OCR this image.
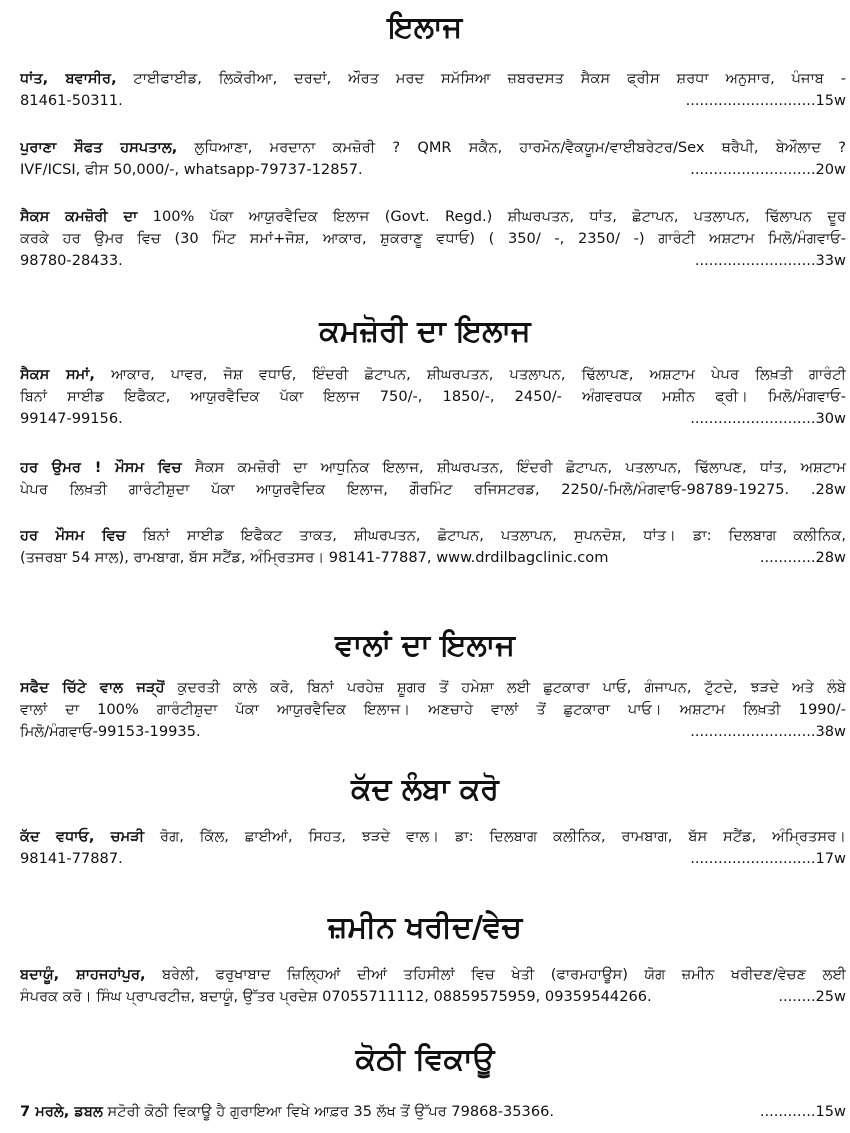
ਇਲਾਜ
ਧਾਂਤ, ਬਵਾਸੀਰ, ਟਾਈਫਾਈਡ, ਲਿਕੋਰੀਆ, ਦਰਦਾਂ, ਔਰਤ ਮਰਦ ਸਮੱਸਿਆ ਜ਼ਬਰਦਸਤ ਸੈਕਸ ਫ੍ਰੀਸ ਸ਼ਰਧਾ ਅਨੁਸਾਰ, ਪੰਜਾਬ -
81461-50311.	............................15w
ਪੁਰਾਣਾ ਸੌਫਤ ਹਸਪਤਾਲ, ਲੁਧਿਆਣਾ, ਮਰਦਾਨਾ ਕਮਜ਼ੋਰੀ ? QMR ਸਕੈਨ, ਹਾਰਮੋਨ/ਵੈਕਯੂਮ/ਵਾਈਬਰੇਟਰ/Sex ਥਰੈਪੀ, ਬੇਔਲਾਦ ?
IVF/ICSI, ਫੀਸ 50,000/-, whatsapp-79737-12857.	...........................20w
ਸੈਕਸ ਕਮਜ਼ੋਰੀ ਦਾ 100% ਪੱਕਾ ਆਯੁਰਵੈਦਿਕ ਇਲਾਜ (Govt. Regd.) ਸ਼ੀਘਰਪਤਨ, ਧਾਂਤ, ਛੋਟਾਪਨ, ਪਤਲਾਪਨ, ਢਿੱਲਾਪਨ ਦੂਰ
ਕਰਕੇ ਹਰ ਉਮਰ ਵਿਚ (30 ਮਿੰਟ ਸਮਾਂ+ਜੋਸ਼, ਆਕਾਰ, ਸ਼ੁਕਰਾਣੂ ਵਧਾਓ) ( 350/ -, 2350/ -) ਗਾਰੰਟੀ ਅਸ਼ਟਾਮ ਮਿਲੋ/ਮੰਗਵਾਓ-
98780-28433.	..........................33w
ਕਮਜ਼ੋਰੀ ਦਾ ਇਲਾਜ
ਸੈਕਸ ਸਮਾਂ, ਆਕਾਰ, ਪਾਵਰ, ਜੋਸ਼ ਵਧਾਓ, ਇੰਦਰੀ ਛੋਟਾਪਨ, ਸ਼ੀਘਰਪਤਨ, ਪਤਲਾਪਨ, ਢਿੱਲਾਪਣ, ਅਸ਼ਟਾਮ ਪੇਪਰ ਲਿਖ਼ਤੀ ਗਾਰੰਟੀ
ਬਿਨਾਂ ਸਾਈਡ ਇਫੈਕਟ, ਆਯੁਰਵੈਦਿਕ ਪੱਕਾ ਇਲਾਜ 750/-, 1850/-, 2450/- ਅੰਗਵਰਧਕ ਮਸ਼ੀਨ ਫ੍ਰੀ। ਮਿਲੋ/ਮੰਗਵਾਓ-
99147-99156.	...........................30w
ਹਰ ਉਮਰ ! ਮੌਸਮ ਵਿਚ ਸੈਕਸ ਕਮਜ਼ੋਰੀ ਦਾ ਆਧੁਨਿਕ ਇਲਾਜ, ਸ਼ੀਘਰਪਤਨ, ਇੰਦਰੀ ਛੋਟਾਪਨ, ਪਤਲਾਪਨ, ਢਿੱਲਾਪਣ, ਧਾਂਤ, ਅਸ਼ਟਾਮ
ਪੇਪਰ ਲਿਖ਼ਤੀ ਗਾਰੰਟੀਸ਼ੁਦਾ ਪੱਕਾ ਆਯੁਰਵੈਦਿਕ ਇਲਾਜ, ਗੌਰਮਿੰਟ ਰਜਿਸਟਰਡ, 2250/-ਮਿਲੋ/ਮੰਗਵਾਓ-98789-19275. .28w
ਹਰ ਮੌਸਮ ਵਿਚ ਬਿਨਾਂ ਸਾਈਡ ਇਫੈਕਟ ਤਾਕਤ, ਸ਼ੀਘਰਪਤਨ, ਛੋਟਾਪਨ, ਪਤਲਾਪਨ, ਸੁਪਨਦੋਸ਼, ਧਾਂਤ। ਡਾ: ਦਿਲਬਾਗ ਕਲੀਨਿਕ,
(ਤਜਰਬਾ 54 ਸਾਲ), ਰਾਮਬਾਗ, ਬੱਸ ਸਟੈਂਡ, ਅੰਮ੍ਰਿਤਸਰ। 98141-77887, www.drdilbagclinic.com	............28w
ਵਾਲਾਂ ਦਾ ਇਲਾਜ
ਸਫੈਦ ਚਿੱਟੇ ਵਾਲ ਜੜ੍ਹੋਂ ਕੁਦਰਤੀ ਕਾਲੇ ਕਰੋ, ਬਿਨਾਂ ਪਰਹੇਜ਼ ਸ਼ੂਗਰ ਤੋਂ ਹਮੇਸ਼ਾ ਲਈ ਛੁਟਕਾਰਾ ਪਾਓ, ਗੰਜਾਪਨ, ਟੁੱਟਦੇ, ਝੜਦੇ ਅਤੇ ਲੰਬੇ
ਵਾਲਾਂ ਦਾ 100% ਗਾਰੰਟੀਸ਼ੁਦਾ ਪੱਕਾ ਆਯੁਰਵੈਦਿਕ ਇਲਾਜ। ਅਣਚਾਹੇ ਵਾਲਾਂ ਤੋਂ ਛੁਟਕਾਰਾ ਪਾਓ। ਅਸ਼ਟਾਮ ਲਿਖ਼ਤੀ 1990/-
ਮਿਲੋ/ਮੰਗਵਾਓ-99153-19935.	...........................38w
ਕੱਦ ਲੰਬਾ ਕਰੋ
ਕੱਦ ਵਧਾਓ, ਚਮੜੀ ਰੋਗ, ਕਿੱਲ, ਛਾਈਆਂ, ਸਿਹਤ, ਝੜਦੇ ਵਾਲ। ਡਾ: ਦਿਲਬਾਗ ਕਲੀਨਿਕ, ਰਾਮਬਾਗ, ਬੱਸ ਸਟੈਂਡ, ਅੰਮ੍ਰਿਤਸਰ।
98141-77887.	...........................17w
ਜ਼ਮੀਨ ਖਰੀਦ/ਵੇਚ
ਬਦਾਯੂੰ, ਸ਼ਾਹਜਹਾਂਪੁਰ, ਬਰੇਲੀ, ਫਰੁਖਾਬਾਦ ਜ਼ਿਲ੍ਹਿਆਂ ਦੀਆਂ ਤਹਿਸੀਲਾਂ ਵਿਚ ਖੇਤੀ (ਫਾਰਮਹਾਊਸ) ਯੋਗ ਜ਼ਮੀਨ ਖਰੀਦਣ/ਵੇਚਣ ਲਈ
ਸੰਪਰਕ ਕਰੋ। ਸਿੰਘ ਪ੍ਰਾਪਰਟੀਜ਼, ਬਦਾਯੂੰ, ਉੱਤਰ ਪ੍ਰਦੇਸ਼ 07055711112, 08859575959, 09359544266.	........25w
ਕੋਠੀ ਵਿਕਾਊ
7 ਮਰਲੇ, ਡਬਲ ਸਟੋਰੀ ਕੋਠੀ ਵਿਕਾਊ ਹੈ ਗੁਰਾਇਆ ਵਿਖੇ ਆਫ਼ਰ 35 ਲੱਖ ਤੋਂ ਉੱਪਰ 79868-35366.	............15w
